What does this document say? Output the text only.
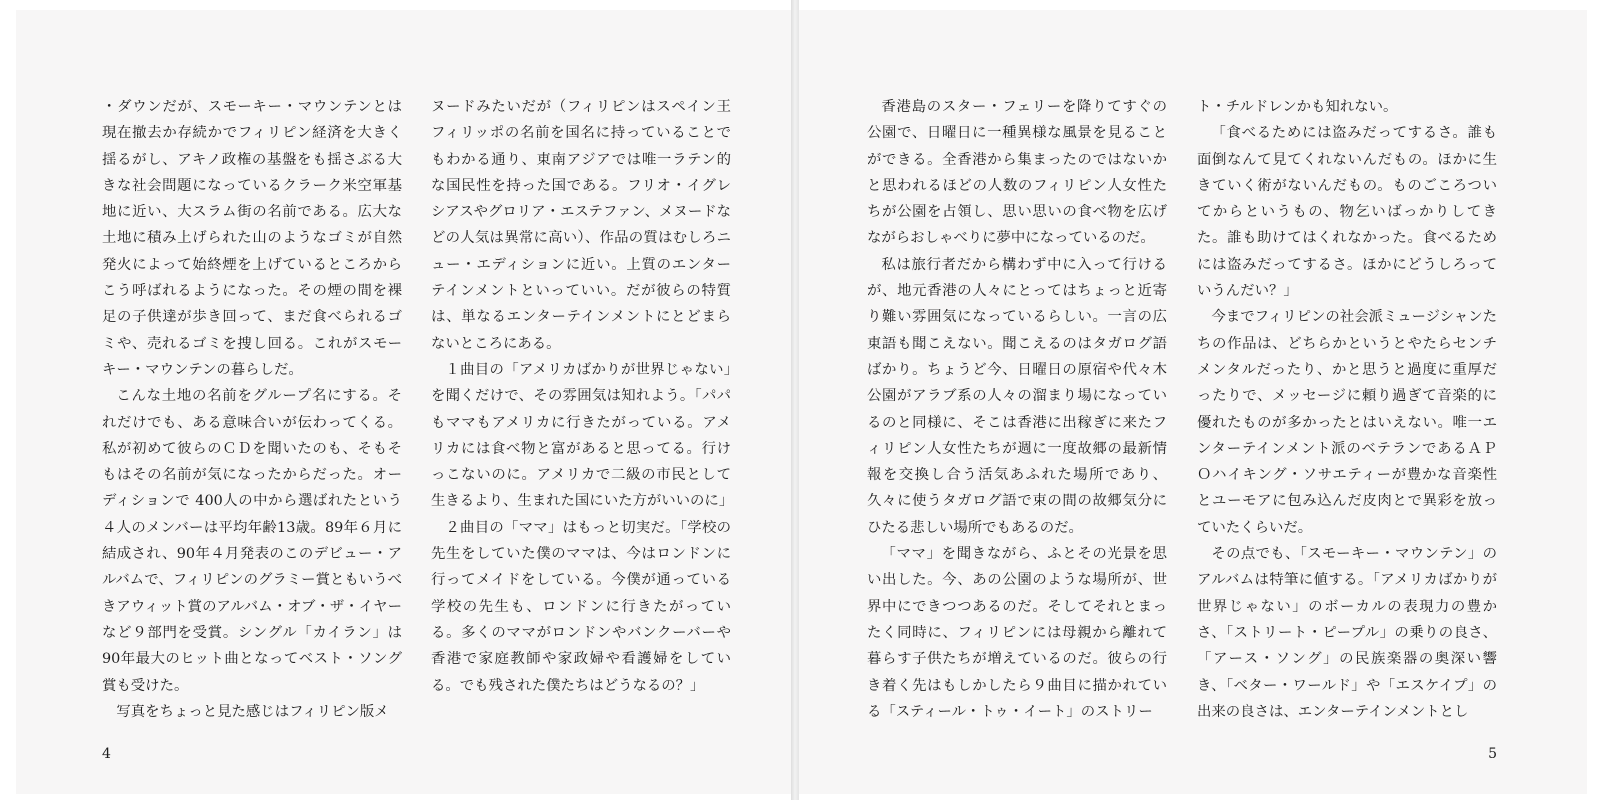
・ダウンだが、スモーキー・マウンテンとは現在撤去か存続かでフィリピン経済を大きく揺るがし、アキノ政権の基盤をも揺さぶる大きな社会問題になっているクラーク米空軍基地に近い、大スラム街の名前である。広大な土地に積み上げられた山のようなゴミが自然発火によって始終煙を上げているところからこう呼ばれるようになった。その煙の間を裸足の子供達が歩き回って、まだ食べられるゴミや、売れるゴミを捜し回る。これがスモーキー・マウンテンの暮らしだ。

こんな土地の名前をグループ名にする。それだけでも、ある意味合いが伝わってくる。私が初めて彼らのＣＤを聞いたのも、そもそもはその名前が気になったからだった。オーディションで 400人の中から選ばれたという４人のメンバーは平均年齢13歳。89年６月に結成され、90年４月発表のこのデビュー・アルバムで、フィリピンのグラミー賞ともいうべきアウィット賞のアルバム・オブ・ザ・イヤーなど９部門を受賞。シングル「カイラン」は90年最大のヒット曲となってベスト・ソング賞も受けた。

写真をちょっと見た感じはフィリピン版メ

ヌードみたいだが（フィリピンはスペイン王フィリッポの名前を国名に持っていることでもわかる通り、東南アジアでは唯一ラテン的な国民性を持った国である。フリオ・イグレシアスやグロリア・エステファン、メヌードなどの人気は異常に高い）、作品の質はむしろニュー・エディションに近い。上質のエンターテインメントといっていい。だが彼らの特質は、単なるエンターテインメントにとどまらないところにある。

１曲目の「アメリカばかりが世界じゃない」を聞くだけで、その雰囲気は知れよう。「パパもママもアメリカに行きたがっている。アメリカには食べ物と富があると思ってる。行けっこないのに。アメリカで二級の市民として生きるより、生まれた国にいた方がいいのに」

２曲目の「ママ」はもっと切実だ。「学校の先生をしていた僕のママは、今はロンドンに行ってメイドをしている。今僕が通っている学校の先生も、ロンドンに行きたがっている。多くのママがロンドンやバンクーバーや香港で家庭教師や家政婦や看護婦をしている。でも残された僕たちはどうなるの？」

4

香港島のスター・フェリーを降りてすぐの公園で、日曜日に一種異様な風景を見ることができる。全香港から集まったのではないかと思われるほどの人数のフィリピン人女性たちが公園を占領し、思い思いの食べ物を広げながらおしゃべりに夢中になっているのだ。

私は旅行者だから構わず中に入って行けるが、地元香港の人々にとってはちょっと近寄り難い雰囲気になっているらしい。一言の広東語も聞こえない。聞こえるのはタガログ語ばかり。ちょうど今、日曜日の原宿や代々木公園がアラブ系の人々の溜まり場になっているのと同様に、そこは香港に出稼ぎに来たフィリピン人女性たちが週に一度故郷の最新情報を交換し合う活気あふれた場所であり、久々に使うタガログ語で束の間の故郷気分にひたる悲しい場所でもあるのだ。

「ママ」を聞きながら、ふとその光景を思い出した。今、あの公園のような場所が、世界中にできつつあるのだ。そしてそれとまったく同時に、フィリピンには母親から離れて暮らす子供たちが増えているのだ。彼らの行き着く先はもしかしたら９曲目に描かれている「スティール・トゥ・イート」のストリー

ト・チルドレンかも知れない。

「食べるためには盗みだってするさ。誰も面倒なんて見てくれないんだもの。ほかに生きていく術がないんだもの。ものごころついてからというもの、物乞いばっかりしてきた。誰も助けてはくれなかった。食べるためには盗みだってするさ。ほかにどうしろっていうんだい？」

今までフィリピンの社会派ミュージシャンたちの作品は、どちらかというとやたらセンチメンタルだったり、かと思うと過度に重厚だったりで、メッセージに頼り過ぎて音楽的に優れたものが多かったとはいえない。唯一エンターテインメント派のベテランであるＡＰＯハイキング・ソサエティーが豊かな音楽性とユーモアに包み込んだ皮肉とで異彩を放っていたくらいだ。

その点でも、「スモーキー・マウンテン」のアルバムは特筆に値する。「アメリカばかりが世界じゃない」のボーカルの表現力の豊かさ、「ストリート・ピープル」の乗りの良さ、「アース・ソング」の民族楽器の奥深い響き、「ベター・ワールド」や「エスケイプ」の出来の良さは、エンターテインメントとし

5
